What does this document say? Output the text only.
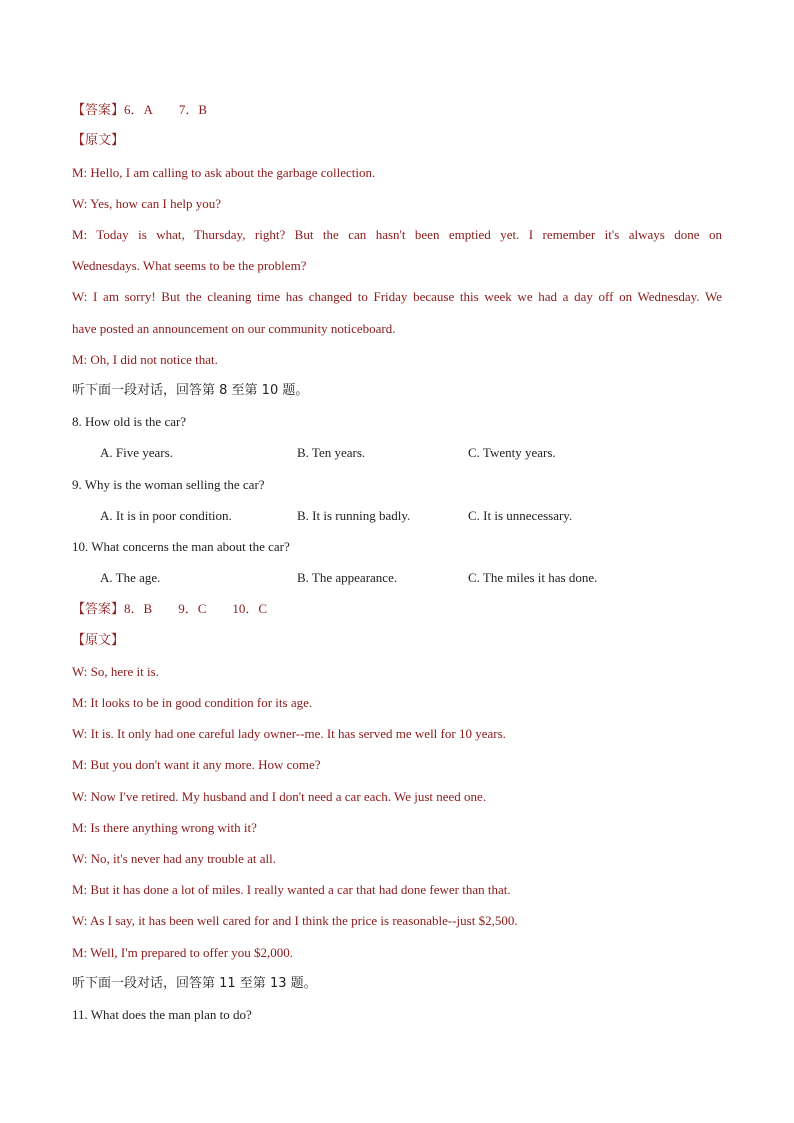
【答案】6．A 7．B
【原文】
M: Hello, I am calling to ask about the garbage collection.
W: Yes, how can I help you?
M: Today is what, Thursday, right? But the can hasn't been emptied yet. I remember it's always done on
Wednesdays. What seems to be the problem?
W: I am sorry! But the cleaning time has changed to Friday because this week we had a day off on Wednesday. We
have posted an announcement on our community noticeboard.
M: Oh, I did not notice that.
听下面一段对话，回答第 8 至第 10 题。
8. How old is the car?
A. Five years.	B. Ten years.	C. Twenty years.
9. Why is the woman selling the car?
A. It is in poor condition.	B. It is running badly.	C. It is unnecessary.
10. What concerns the man about the car?
A. The age.	B. The appearance.	C. The miles it has done.
【答案】8．B 9．C 10．C
【原文】
W: So, here it is.
M: It looks to be in good condition for its age.
W: It is. It only had one careful lady owner--me. It has served me well for 10 years.
M: But you don't want it any more. How come?
W: Now I've retired. My husband and I don't need a car each. We just need one.
M: Is there anything wrong with it?
W: No, it's never had any trouble at all.
M: But it has done a lot of miles. I really wanted a car that had done fewer than that.
W: As I say, it has been well cared for and I think the price is reasonable--just $2,500.
M: Well, I'm prepared to offer you $2,000.
听下面一段对话，回答第 11 至第 13 题。
11. What does the man plan to do?
